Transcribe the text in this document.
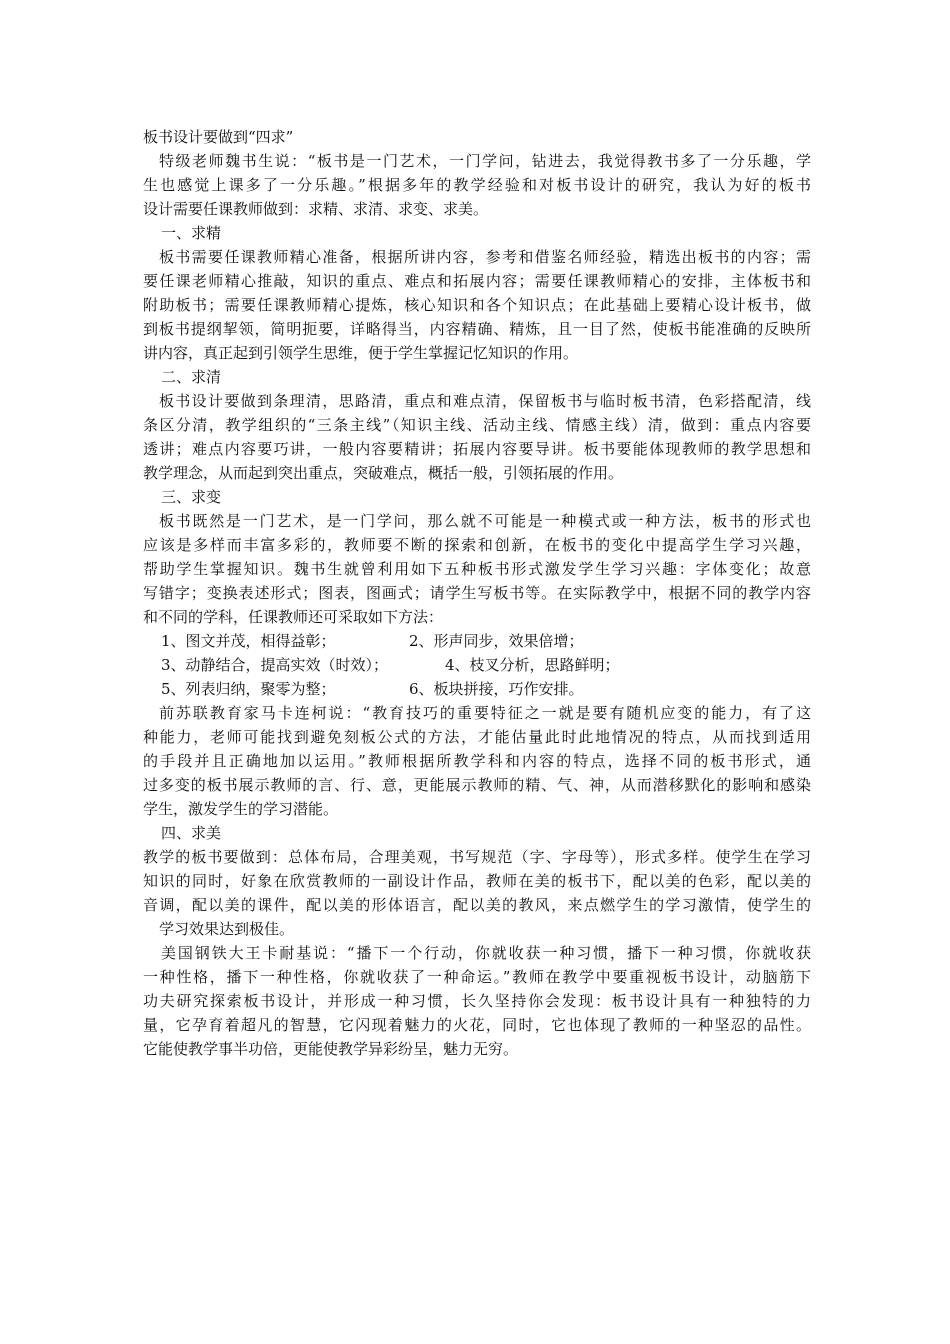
板书设计要做到“四求”
特级老师魏书生说：“板书是一门艺术，一门学问，钻进去，我觉得教书多了一分乐趣，学
生也感觉上课多了一分乐趣。”根据多年的教学经验和对板书设计的研究，我认为好的板书
设计需要任课教师做到：求精、求清、求变、求美。
一、求精
板书需要任课教师精心准备，根据所讲内容，参考和借鉴名师经验，精选出板书的内容；需
要任课老师精心推敲，知识的重点、难点和拓展内容；需要任课教师精心的安排，主体板书和
附助板书；需要任课教师精心提炼，核心知识和各个知识点；在此基础上要精心设计板书，做
到板书提纲挈领，简明扼要，详略得当，内容精确、精炼，且一目了然，使板书能准确的反映所
讲内容，真正起到引领学生思维，便于学生掌握记忆知识的作用。
二、求清
板书设计要做到条理清，思路清，重点和难点清，保留板书与临时板书清，色彩搭配清，线
条区分清，教学组织的“三条主线”（知识主线、活动主线、情感主线）清，做到：重点内容要
透讲；难点内容要巧讲，一般内容要精讲；拓展内容要导讲。板书要能体现教师的教学思想和
教学理念，从而起到突出重点，突破难点，概括一般，引领拓展的作用。
三、求变
板书既然是一门艺术，是一门学问，那么就不可能是一种模式或一种方法，板书的形式也
应该是多样而丰富多彩的，教师要不断的探索和创新，在板书的变化中提高学生学习兴趣，
帮助学生掌握知识。魏书生就曾利用如下五种板书形式激发学生学习兴趣：字体变化；故意
写错字；变换表述形式；图表，图画式；请学生写板书等。在实际教学中，根据不同的教学内容
和不同的学科，任课教师还可采取如下方法：
1、图文并茂，相得益彰；	2、形声同步，效果倍增；
3、动静结合，提高实效（时效）；	4、枝叉分析，思路鲜明；
5、列表归纳，聚零为整；	6、板块拼接，巧作安排。
前苏联教育家马卡连柯说：“教育技巧的重要特征之一就是要有随机应变的能力，有了这
种能力，老师可能找到避免刻板公式的方法，才能估量此时此地情况的特点，从而找到适用
的手段并且正确地加以运用。”教师根据所教学科和内容的特点，选择不同的板书形式，通
过多变的板书展示教师的言、行、意，更能展示教师的精、气、神，从而潜移默化的影响和感染
学生，激发学生的学习潜能。
四、求美
教学的板书要做到：总体布局，合理美观，书写规范（字、字母等），形式多样。使学生在学习
知识的同时，好象在欣赏教师的一副设计作品，教师在美的板书下，配以美的色彩，配以美的
音调，配以美的课件，配以美的形体语言，配以美的教风，来点燃学生的学习激情，使学生的
学习效果达到极佳。
美国钢铁大王卡耐基说：“播下一个行动，你就收获一种习惯，播下一种习惯，你就收获
一种性格，播下一种性格，你就收获了一种命运。”教师在教学中要重视板书设计，动脑筋下
功夫研究探索板书设计，并形成一种习惯，长久坚持你会发现：板书设计具有一种独特的力
量，它孕育着超凡的智慧，它闪现着魅力的火花，同时，它也体现了教师的一种坚忍的品性。
它能使教学事半功倍，更能使教学异彩纷呈，魅力无穷。
